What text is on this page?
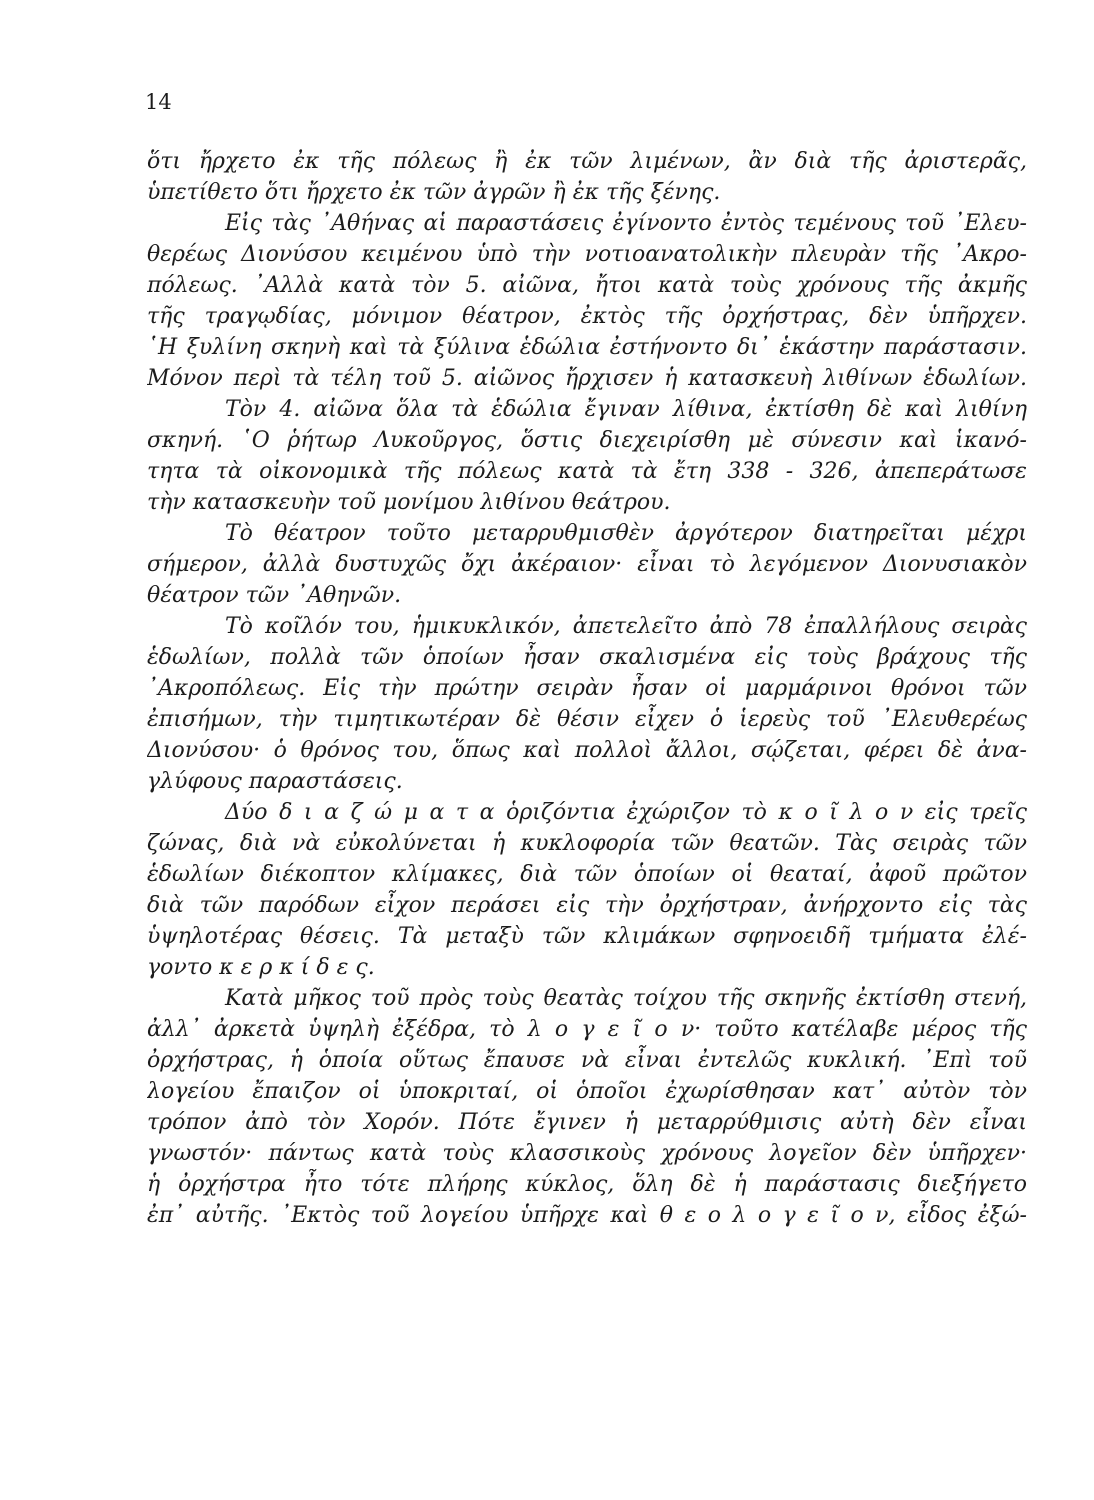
14
ὅτι ἤρχετο ἐκ τῆς πόλεως ἢ ἐκ τῶν λιμένων, ἂν διὰ τῆς ἀριστερᾶς,
ὑπετίθετο ὅτι ἤρχετο ἐκ τῶν ἀγρῶν ἢ ἐκ τῆς ξένης.
Εἰς τὰς ᾿Αθήνας αἱ παραστάσεις ἐγίνοντο ἐντὸς τεμένους τοῦ ᾿Ελευ-
θερέως Διονύσου κειμένου ὑπὸ τὴν νοτιοανατολικὴν πλευρὰν τῆς ᾿Ακρο-
πόλεως. ᾿Αλλὰ κατὰ τὸν 5. αἰῶνα, ἤτοι κατὰ τοὺς χρόνους τῆς ἀκμῆς
τῆς τραγῳδίας, μόνιμον θέατρον, ἐκτὸς τῆς ὀρχήστρας, δὲν ὑπῆρχεν.
῾Η ξυλίνη σκηνὴ καὶ τὰ ξύλινα ἑδώλια ἐστήνοντο δι᾿ ἑκάστην παράστασιν.
Μόνον περὶ τὰ τέλη τοῦ 5. αἰῶνος ἤρχισεν ἡ κατασκευὴ λιθίνων ἑδωλίων.
Τὸν 4. αἰῶνα ὅλα τὰ ἑδώλια ἔγιναν λίθινα, ἐκτίσθη δὲ καὶ λιθίνη
σκηνή. ῾Ο ῥήτωρ Λυκοῦργος, ὅστις διεχειρίσθη μὲ σύνεσιν καὶ ἱκανό-
τητα τὰ οἰκονομικὰ τῆς πόλεως κατὰ τὰ ἔτη 338 - 326, ἀπεπεράτωσε
τὴν κατασκευὴν τοῦ μονίμου λιθίνου θεάτρου.
Τὸ θέατρον τοῦτο μεταρρυθμισθὲν ἀργότερον διατηρεῖται μέχρι
σήμερον, ἀλλὰ δυστυχῶς ὄχι ἀκέραιον· εἶναι τὸ λεγόμενον Διονυσιακὸν
θέατρον τῶν ᾿Αθηνῶν.
Τὸ κοῖλόν του, ἡμικυκλικόν, ἀπετελεῖτο ἀπὸ 78 ἐπαλλήλους σειρὰς
ἑδωλίων, πολλὰ τῶν ὁποίων ἦσαν σκαλισμένα εἰς τοὺς βράχους τῆς
᾿Ακροπόλεως. Εἰς τὴν πρώτην σειρὰν ἦσαν οἱ μαρμάρινοι θρόνοι τῶν
ἐπισήμων, τὴν τιμητικωτέραν δὲ θέσιν εἶχεν ὁ ἱερεὺς τοῦ ᾿Ελευθερέως
Διονύσου· ὁ θρόνος του, ὅπως καὶ πολλοὶ ἄλλοι, σῴζεται, φέρει δὲ ἀνα-
γλύφους παραστάσεις.
Δύο δ ι α ζ ώ μ α τ α ὁριζόντια ἐχώριζον τὸ κ ο ῖ λ ο ν εἰς τρεῖς
ζώνας, διὰ νὰ εὐκολύνεται ἡ κυκλοφορία τῶν θεατῶν. Τὰς σειρὰς τῶν
ἑδωλίων διέκοπτον κλίμακες, διὰ τῶν ὁποίων οἱ θεαταί, ἀφοῦ πρῶτον
διὰ τῶν παρόδων εἶχον περάσει εἰς τὴν ὀρχήστραν, ἀνήρχοντο εἰς τὰς
ὑψηλοτέρας θέσεις. Τὰ μεταξὺ τῶν κλιμάκων σφηνοειδῆ τμήματα ἐλέ-
γοντο κ ε ρ κ ί δ ε ς.
Κατὰ μῆκος τοῦ πρὸς τοὺς θεατὰς τοίχου τῆς σκηνῆς ἐκτίσθη στενή,
ἀλλ᾿ ἀρκετὰ ὑψηλὴ ἐξέδρα, τὸ λ ο γ ε ῖ ο ν· τοῦτο κατέλαβε μέρος τῆς
ὀρχήστρας, ἡ ὁποία οὕτως ἔπαυσε νὰ εἶναι ἐντελῶς κυκλική. ᾿Επὶ τοῦ
λογείου ἔπαιζον οἱ ὑποκριταί, οἱ ὁποῖοι ἐχωρίσθησαν κατ᾿ αὐτὸν τὸν
τρόπον ἀπὸ τὸν Χορόν. Πότε ἔγινεν ἡ μεταρρύθμισις αὐτὴ δὲν εἶναι
γνωστόν· πάντως κατὰ τοὺς κλασσικοὺς χρόνους λογεῖον δὲν ὑπῆρχεν·
ἡ ὀρχήστρα ἦτο τότε πλήρης κύκλος, ὅλη δὲ ἡ παράστασις διεξήγετο
ἐπ᾿ αὐτῆς. ᾿Εκτὸς τοῦ λογείου ὑπῆρχε καὶ θ ε ο λ ο γ ε ῖ ο ν, εἶδος ἐξώ-
